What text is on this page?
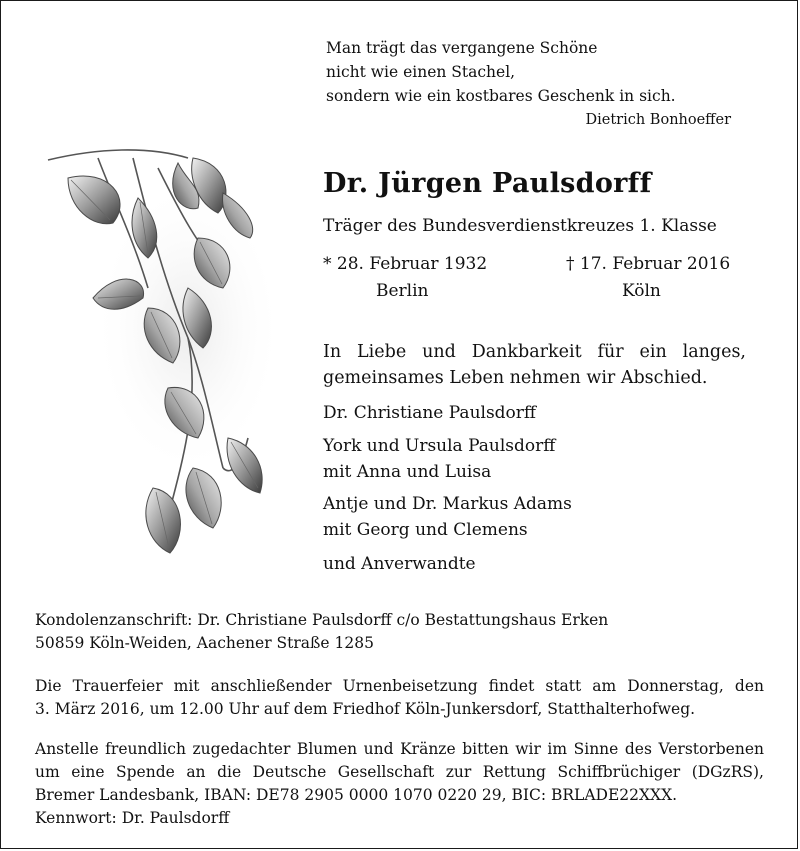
Man trägt das vergangene Schöne
nicht wie einen Stachel,
sondern wie ein kostbares Geschenk in sich.
Dietrich Bonhoeffer
Dr. Jürgen Paulsdorff
Träger des Bundesverdienstkreuzes 1. Klasse
* 28. Februar 1932
Berlin
† 17. Februar 2016
Köln
In Liebe und Dankbarkeit für ein langes,
gemeinsames Leben nehmen wir Abschied.
Dr. Christiane Paulsdorff
York und Ursula Paulsdorff
mit Anna und Luisa
Antje und Dr. Markus Adams
mit Georg und Clemens
und Anverwandte
Kondolenzanschrift: Dr. Christiane Paulsdorff c/o Bestattungshaus Erken
50859 Köln-Weiden, Aachener Straße 1285
Die Trauerfeier mit anschließender Urnenbeisetzung findet statt am Donnerstag, den
3. März 2016, um 12.00 Uhr auf dem Friedhof Köln-Junkersdorf, Statthalterhofweg.
Anstelle freundlich zugedachter Blumen und Kränze bitten wir im Sinne des Verstorbenen
um eine Spende an die Deutsche Gesellschaft zur Rettung Schiffbrüchiger (DGzRS),
Bremer Landesbank, IBAN: DE78 2905 0000 1070 0220 29, BIC: BRLADE22XXX.
Kennwort: Dr. Paulsdorff
